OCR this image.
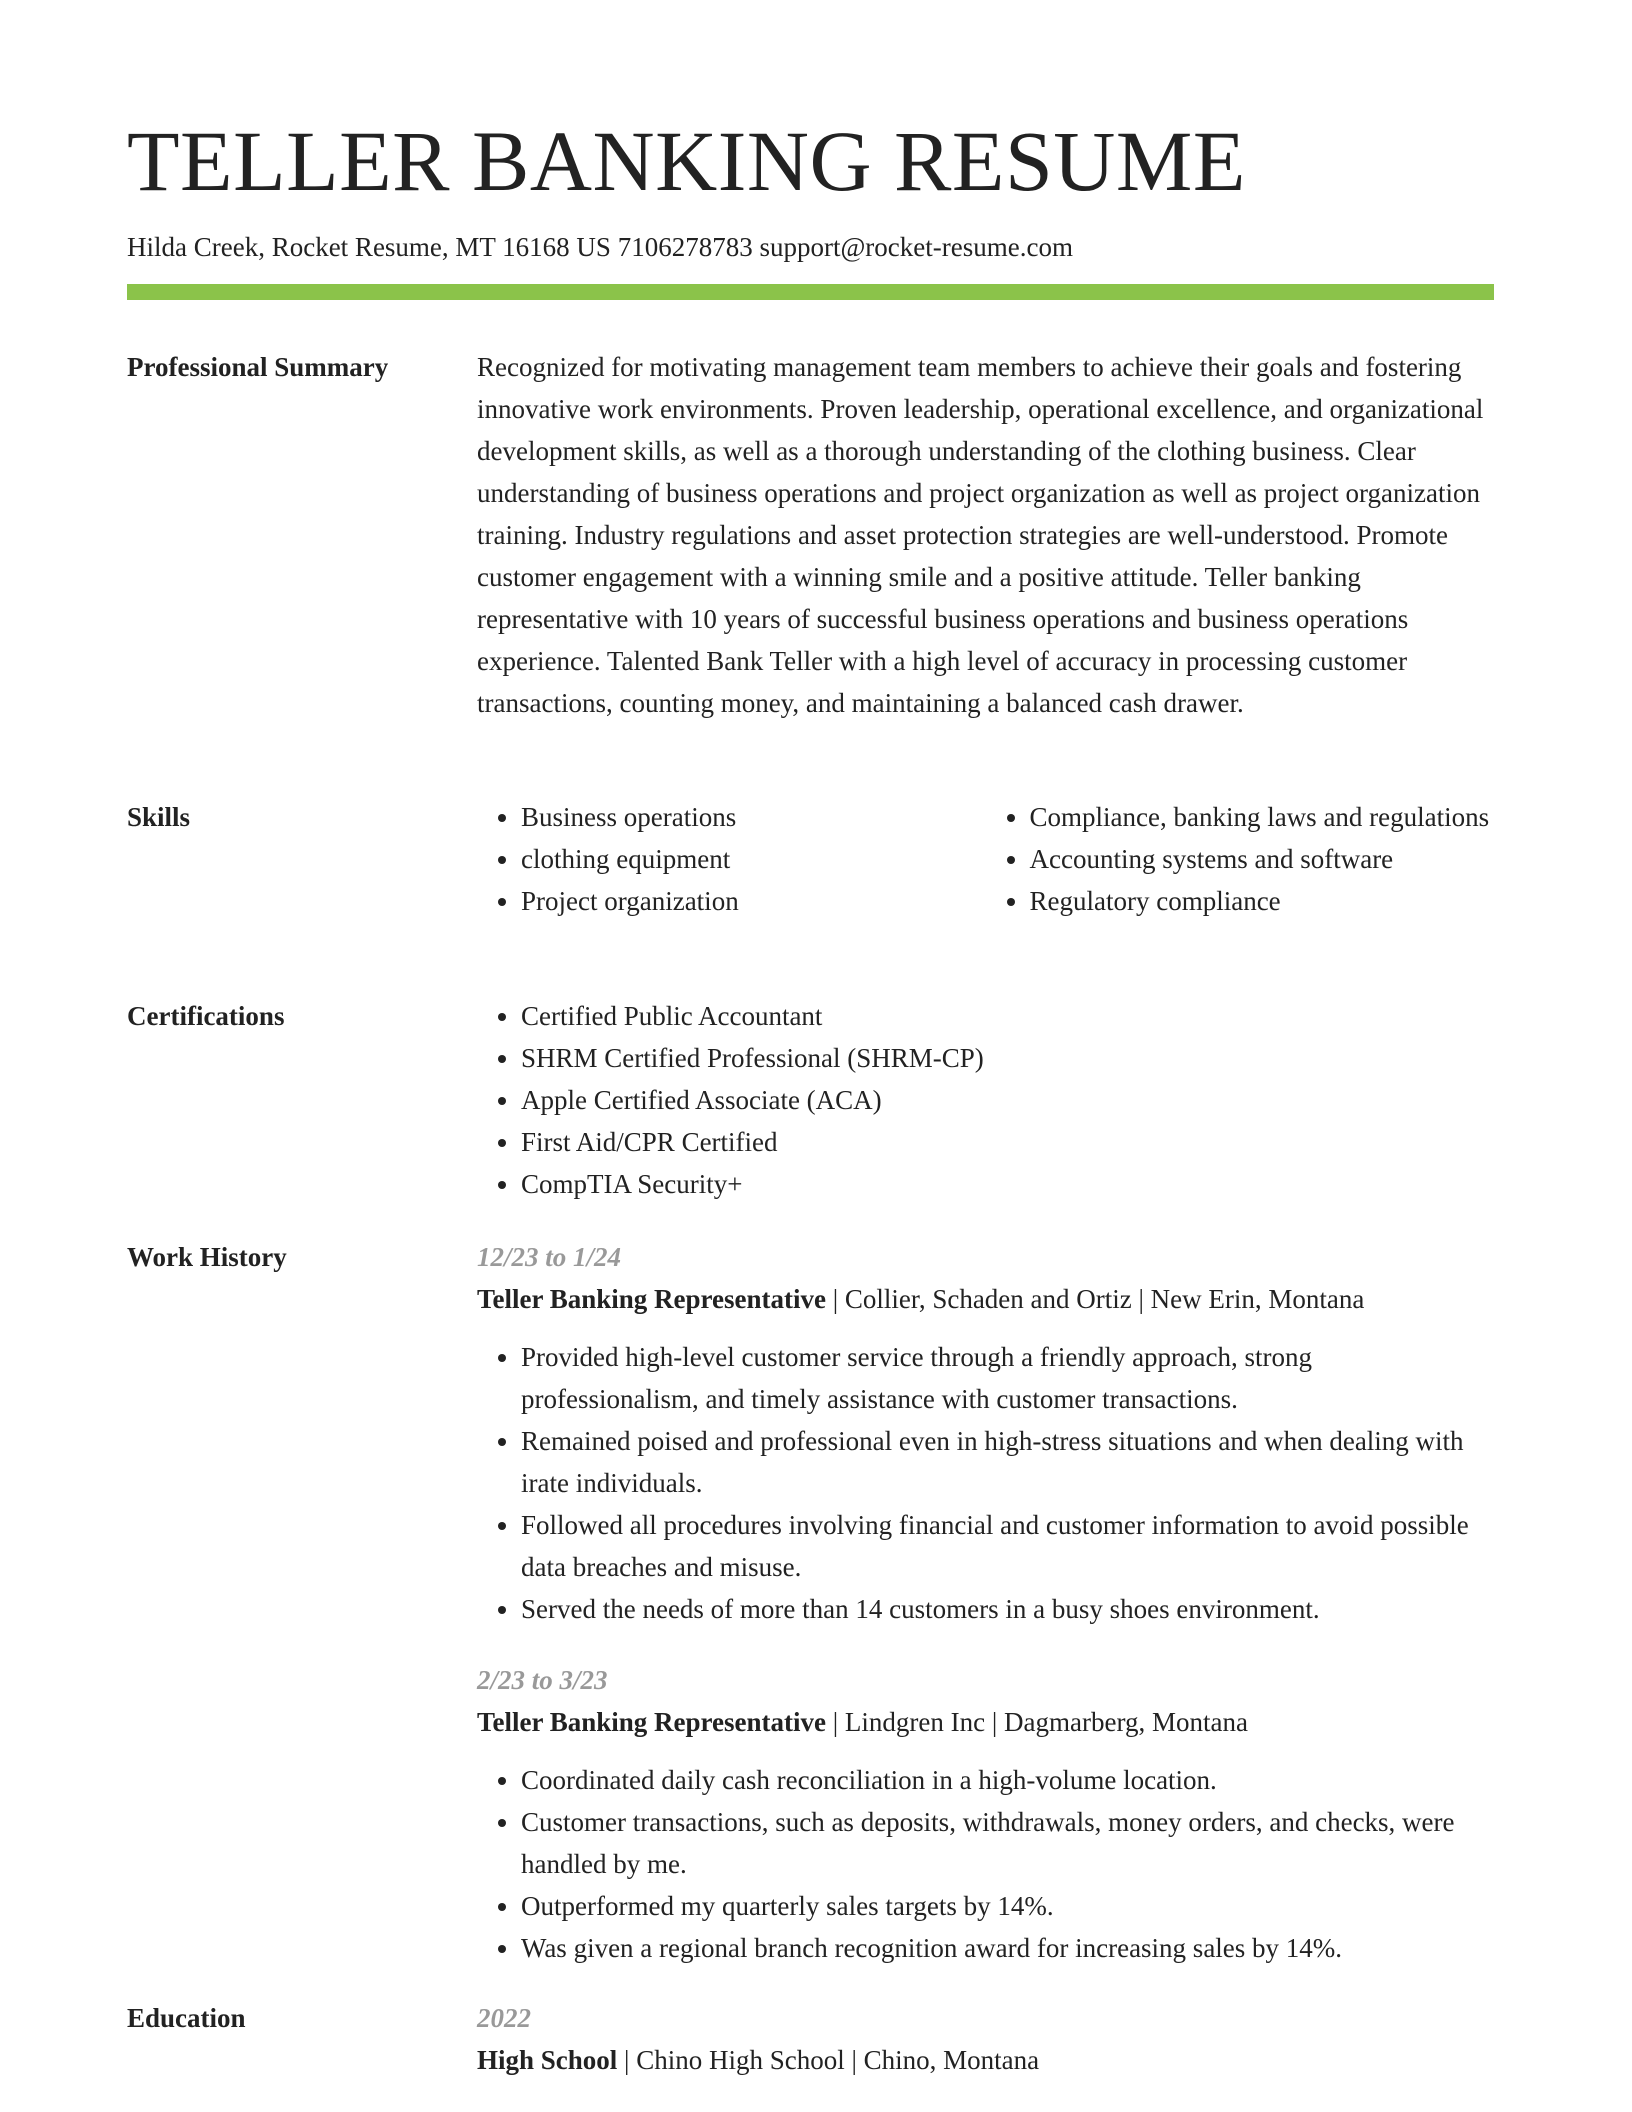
TELLER BANKING RESUME
Hilda Creek, Rocket Resume, MT 16168 US 7106278783 support@rocket-resume.com
Professional Summary	Recognized for motivating management team members to achieve their goals and fostering innovative work environments. Proven leadership, operational excellence, and organizational development skills, as well as a thorough understanding of the clothing business. Clear understanding of business operations and project organization as well as project organization training. Industry regulations and asset protection strategies are well-understood. Promote customer engagement with a winning smile and a positive attitude. Teller banking representative with 10 years of successful business operations and business operations experience. Talented Bank Teller with a high level of accuracy in processing customer transactions, counting money, and maintaining a balanced cash drawer.

Skills	• Business operations
• clothing equipment
• Project organization
• Compliance, banking laws and regulations
• Accounting systems and software
• Regulatory compliance
Certifications	• Certified Public Accountant
• SHRM Certified Professional (SHRM-CP)
• Apple Certified Associate (ACA)
• First Aid/CPR Certified
• CompTIA Security+
Work History	12/23 to 1/24
Teller Banking Representative | Collier, Schaden and Ortiz | New Erin, Montana
• Provided high-level customer service through a friendly approach, strong professionalism, and timely assistance with customer transactions.
• Remained poised and professional even in high-stress situations and when dealing with irate individuals.
• Followed all procedures involving financial and customer information to avoid possible data breaches and misuse.
• Served the needs of more than 14 customers in a busy shoes environment.
2/23 to 3/23
Teller Banking Representative | Lindgren Inc | Dagmarberg, Montana
• Coordinated daily cash reconciliation in a high-volume location.
• Customer transactions, such as deposits, withdrawals, money orders, and checks, were handled by me.
• Outperformed my quarterly sales targets by 14%.
• Was given a regional branch recognition award for increasing sales by 14%.
Education	2022
High School | Chino High School | Chino, Montana
